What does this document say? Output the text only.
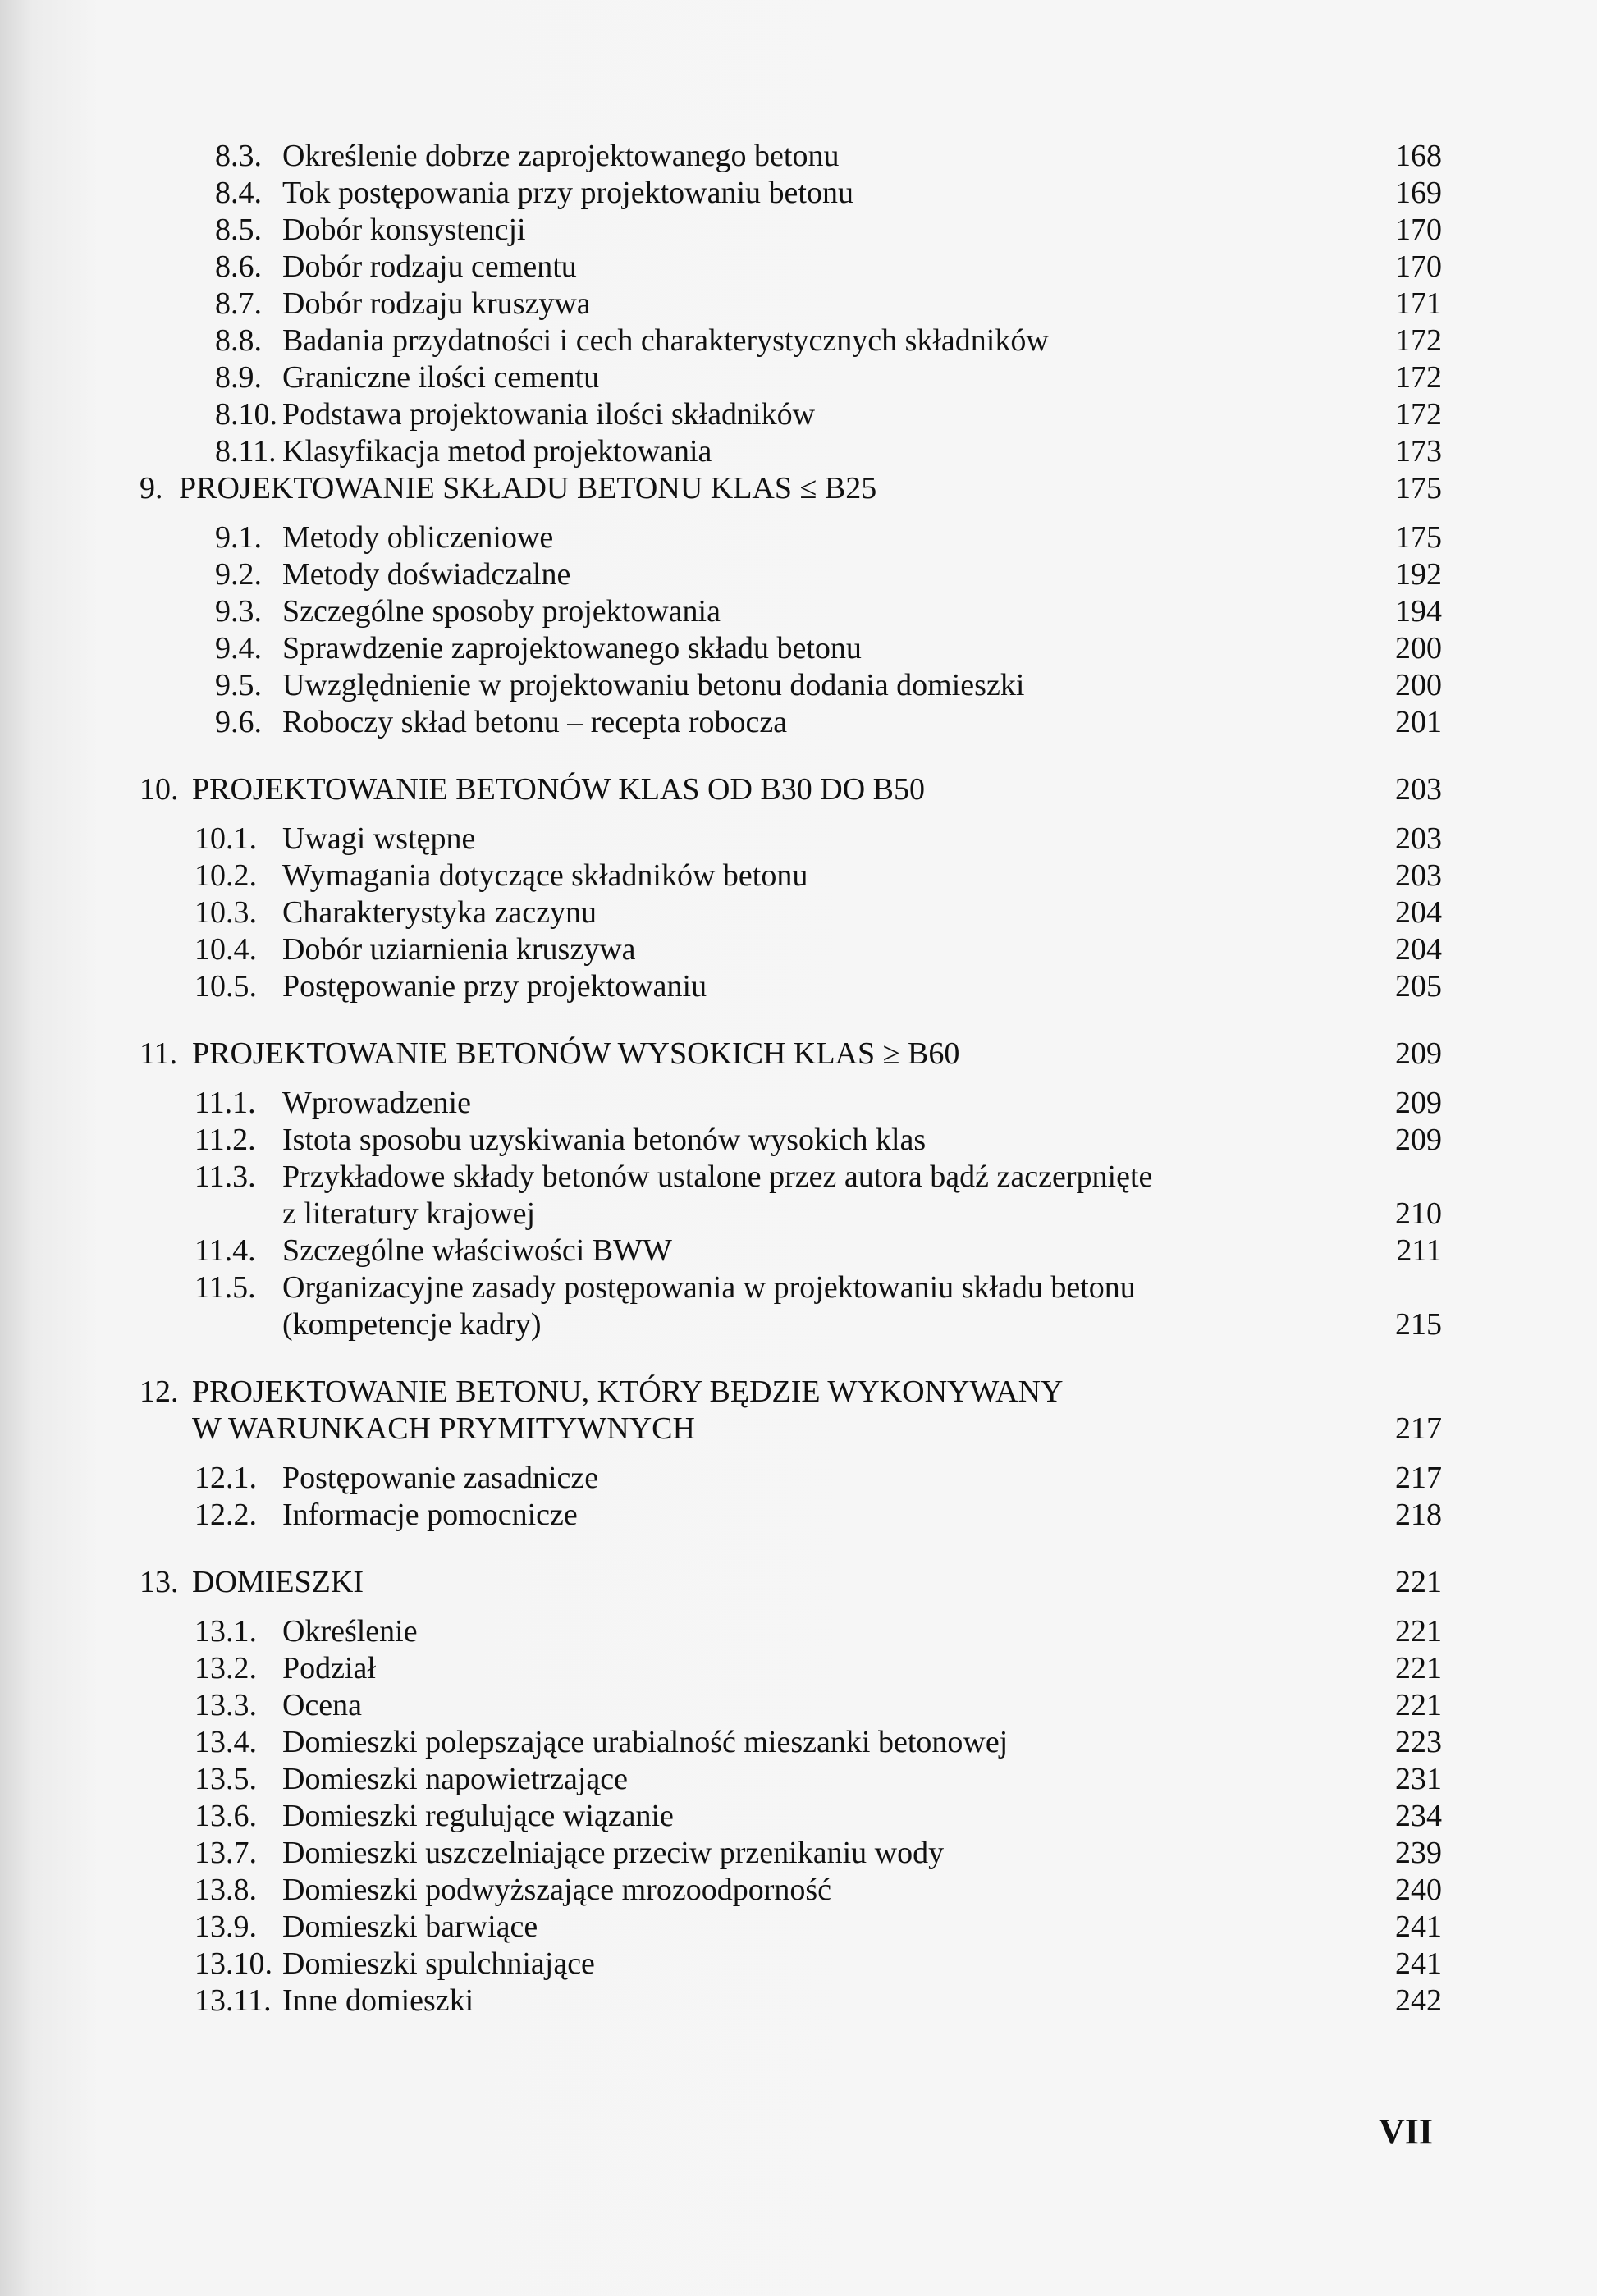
8.3. Określenie dobrze zaprojektowanego betonu . . .	168
8.4. Tok postępowania przy projektowaniu betonu . . .	169
8.5. Dobór konsystencji . . .	170
8.6. Dobór rodzaju cementu . . .	170
8.7. Dobór rodzaju kruszywa . . .	171
8.8. Badania przydatności i cech charakterystycznych składników . . .	172
8.9. Graniczne ilości cementu . . .	172
8.10. Podstawa projektowania ilości składników . . .	172
8.11. Klasyfikacja metod projektowania . . .	173
9. PROJEKTOWANIE SKŁADU BETONU KLAS ≤ B25 . . .	175
9.1. Metody obliczeniowe . . .	175
9.2. Metody doświadczalne . . .	192
9.3. Szczególne sposoby projektowania . . .	194
9.4. Sprawdzenie zaprojektowanego składu betonu . . .	200
9.5. Uwzględnienie w projektowaniu betonu dodania domieszki . . .	200
9.6. Roboczy skład betonu – recepta robocza . . .	201
10. PROJEKTOWANIE BETONÓW KLAS OD B30 DO B50 . . .	203
10.1. Uwagi wstępne . . .	203
10.2. Wymagania dotyczące składników betonu . . .	203
10.3. Charakterystyka zaczynu . . .	204
10.4. Dobór uziarnienia kruszywa . . .	204
10.5. Postępowanie przy projektowaniu . . .	205
11. PROJEKTOWANIE BETONÓW WYSOKICH KLAS ≥ B60 . . .	209
11.1. Wprowadzenie . . .	209
11.2. Istota sposobu uzyskiwania betonów wysokich klas . . .	209
11.3. Przykładowe składy betonów ustalone przez autora bądź zaczerpnięte
z literatury krajowej . . .	210
11.4. Szczególne właściwości BWW . . .	211
11.5. Organizacyjne zasady postępowania w projektowaniu składu betonu
(kompetencje kadry) . . .	215
12. PROJEKTOWANIE BETONU, KTÓRY BĘDZIE WYKONYWANY
W WARUNKACH PRYMITYWNYCH . . .	217
12.1. Postępowanie zasadnicze . . .	217
12.2. Informacje pomocnicze . . .	218
13. DOMIESZKI . . .	221
13.1. Określenie . . .	221
13.2. Podział . . .	221
13.3. Ocena . . .	221
13.4. Domieszki polepszające urabialność mieszanki betonowej . . .	223
13.5. Domieszki napowietrzające . . .	231
13.6. Domieszki regulujące wiązanie . . .	234
13.7. Domieszki uszczelniające przeciw przenikaniu wody . . .	239
13.8. Domieszki podwyższające mrozoodporność . . .	240
13.9. Domieszki barwiące . . .	241
13.10. Domieszki spulchniające . . .	241
13.11. Inne domieszki . . .	242
VII
